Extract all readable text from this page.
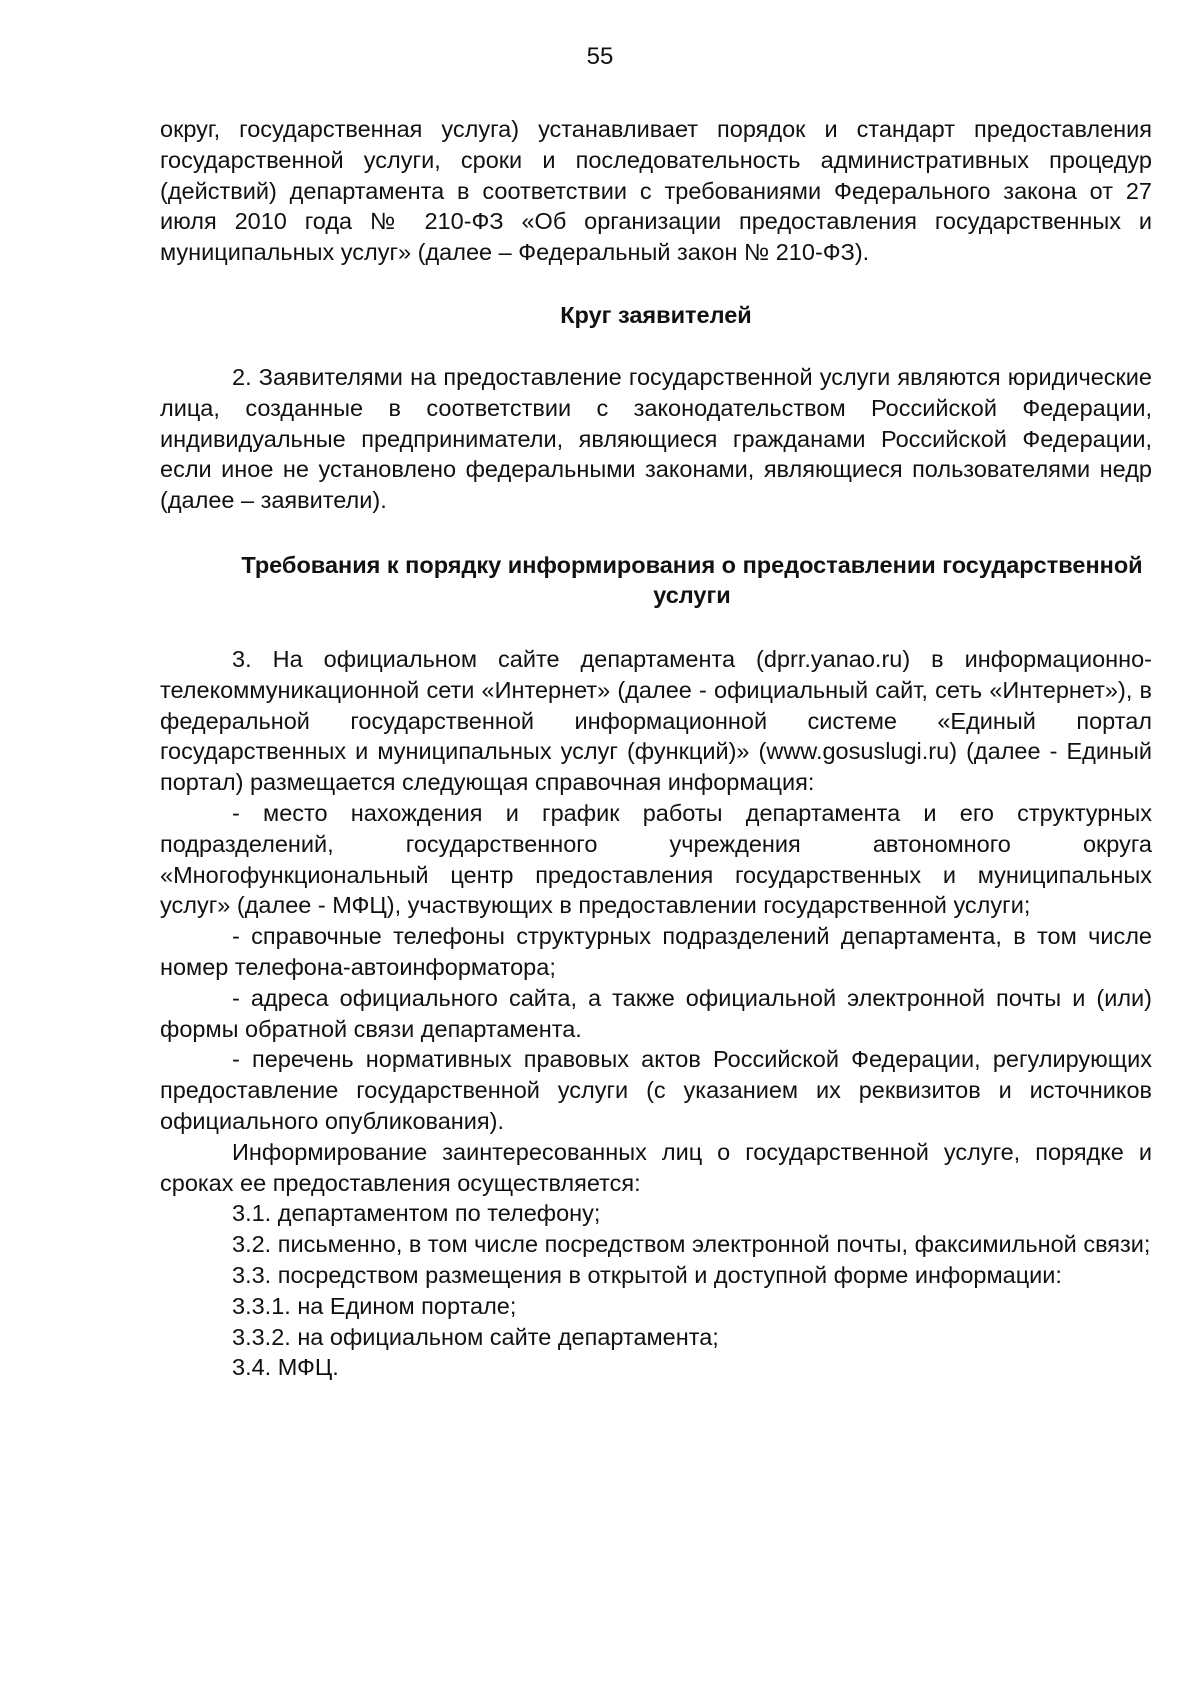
55

округ, государственная услуга) устанавливает порядок и стандарт предоставления государственной услуги, сроки и последовательность административных процедур (действий) департамента в соответствии с требованиями Федерального закона от 27 июля 2010 года № 210-ФЗ «Об организации предоставления государственных и муниципальных услуг» (далее – Федеральный закон № 210-ФЗ).

Круг заявителей

2. Заявителями на предоставление государственной услуги являются юридические лица, созданные в соответствии с законодательством Российской Федерации, индивидуальные предприниматели, являющиеся гражданами Российской Федерации, если иное не установлено федеральными законами, являющиеся пользователями недр (далее – заявители).

Требования к порядку информирования о предоставлении государственной услуги

3. На официальном сайте департамента (dprr.yanao.ru) в информационно-телекоммуникационной сети «Интернет» (далее - официальный сайт, сеть «Интернет»), в федеральной государственной информационной системе «Единый портал государственных и муниципальных услуг (функций)» (www.gosuslugi.ru) (далее - Единый портал) размещается следующая справочная информация:

- место нахождения и график работы департамента и его структурных подразделений, государственного учреждения автономного округа «Многофункциональный центр предоставления государственных и муниципальных услуг» (далее - МФЦ), участвующих в предоставлении государственной услуги;

- справочные телефоны структурных подразделений департамента, в том числе номер телефона-автоинформатора;

- адреса официального сайта, а также официальной электронной почты и (или) формы обратной связи департамента.

- перечень нормативных правовых актов Российской Федерации, регулирующих предоставление государственной услуги (с указанием их реквизитов и источников официального опубликования).

Информирование заинтересованных лиц о государственной услуге, порядке и сроках ее предоставления осуществляется:

3.1. департаментом по телефону;

3.2. письменно, в том числе посредством электронной почты, факсимильной связи;

3.3. посредством размещения в открытой и доступной форме информации:

3.3.1. на Едином портале;

3.3.2. на официальном сайте департамента;

3.4. МФЦ.
